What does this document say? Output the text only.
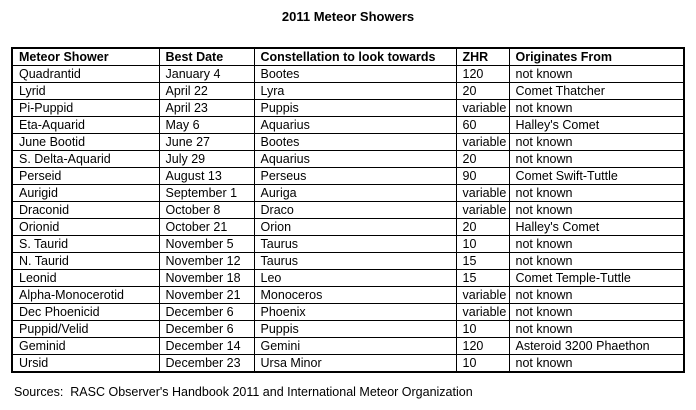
2011 Meteor Showers
Meteor Shower	Best Date	Constellation to look towards	ZHR	Originates From
Quadrantid	January 4	Bootes	120	not known
Lyrid	April 22	Lyra	20	Comet Thatcher
Pi-Puppid	April 23	Puppis	variable	not known
Eta-Aquarid	May 6	Aquarius	60	Halley's Comet
June Bootid	June 27	Bootes	variable	not known
S. Delta-Aquarid	July 29	Aquarius	20	not known
Perseid	August 13	Perseus	90	Comet Swift-Tuttle
Aurigid	September 1	Auriga	variable	not known
Draconid	October 8	Draco	variable	not known
Orionid	October 21	Orion	20	Halley's Comet
S. Taurid	November 5	Taurus	10	not known
N. Taurid	November 12	Taurus	15	not known
Leonid	November 18	Leo	15	Comet Temple-Tuttle
Alpha-Monocerotid	November 21	Monoceros	variable	not known
Dec Phoenicid	December 6	Phoenix	variable	not known
Puppid/Velid	December 6	Puppis	10	not known
Geminid	December 14	Gemini	120	Asteroid 3200 Phaethon
Ursid	December 23	Ursa Minor	10	not known
Sources:  RASC Observer's Handbook 2011 and International Meteor Organization
